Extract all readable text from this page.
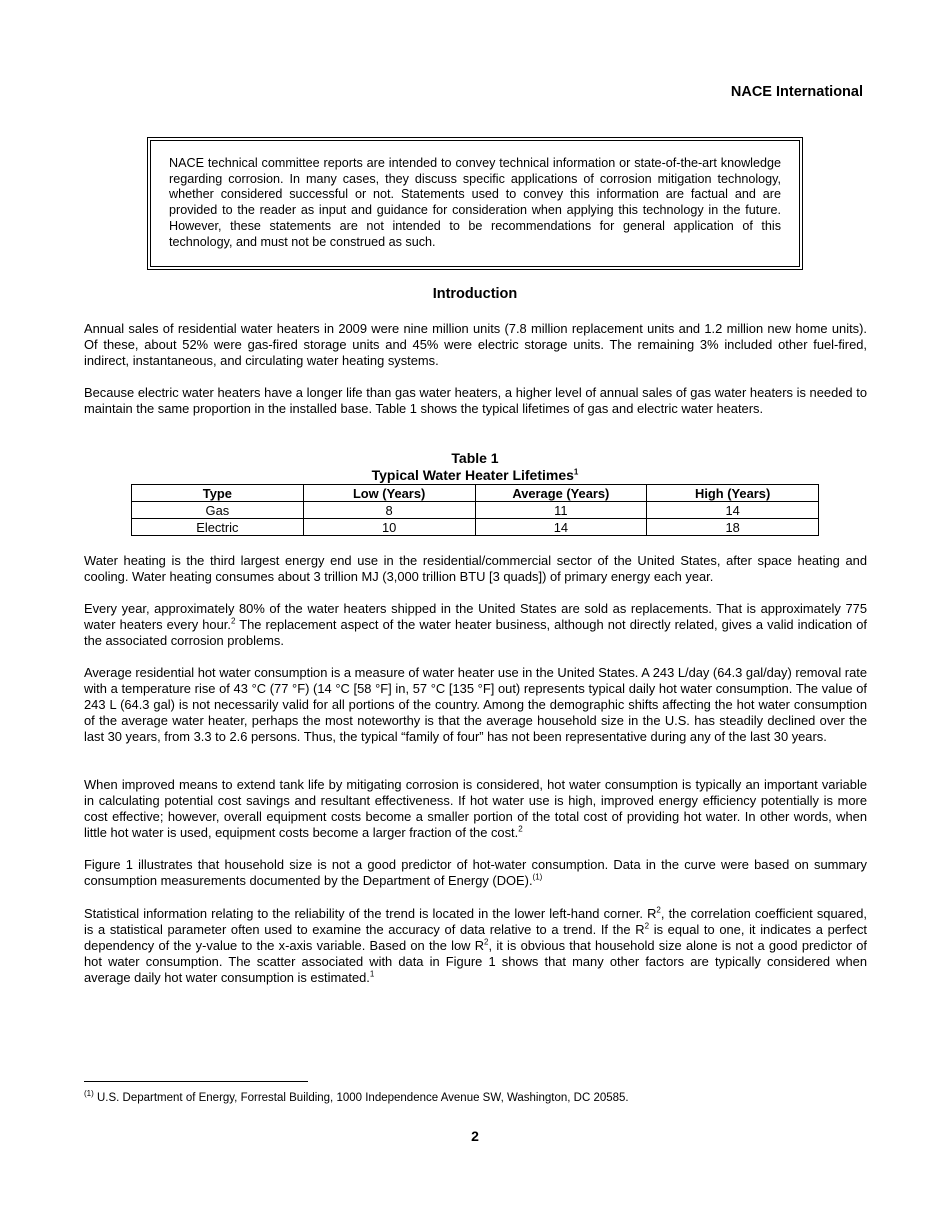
NACE International
NACE technical committee reports are intended to convey technical information or state-of-the-art knowledge regarding corrosion. In many cases, they discuss specific applications of corrosion mitigation technology, whether considered successful or not. Statements used to convey this information are factual and are provided to the reader as input and guidance for consideration when applying this technology in the future. However, these statements are not intended to be recommendations for general application of this technology, and must not be construed as such.
Introduction

Annual sales of residential water heaters in 2009 were nine million units (7.8 million replacement units and 1.2 million new home units). Of these, about 52% were gas-fired storage units and 45% were electric storage units. The remaining 3% included other fuel-fired, indirect, instantaneous, and circulating water heating systems.

Because electric water heaters have a longer life than gas water heaters, a higher level of annual sales of gas water heaters is needed to maintain the same proportion in the installed base. Table 1 shows the typical lifetimes of gas and electric water heaters.

Table 1
Typical Water Heater Lifetimes$^1$
Type	Low (Years)	Average (Years)	High (Years)
Gas	8	11	14
Electric	10	14	18

Water heating is the third largest energy end use in the residential/commercial sector of the United States, after space heating and cooling. Water heating consumes about 3 trillion MJ (3,000 trillion BTU [3 quads]) of primary energy each year.

Every year, approximately 80% of the water heaters shipped in the United States are sold as replacements. That is approximately 775 water heaters every hour.$^2$ The replacement aspect of the water heater business, although not directly related, gives a valid indication of the associated corrosion problems.

Average residential hot water consumption is a measure of water heater use in the United States. A 243 L/day (64.3 gal/day) removal rate with a temperature rise of 43 °C (77 °F) (14 °C [58 °F] in, 57 °C [135 °F] out) represents typical daily hot water consumption. The value of 243 L (64.3 gal) is not necessarily valid for all portions of the country. Among the demographic shifts affecting the hot water consumption of the average water heater, perhaps the most noteworthy is that the average household size in the U.S. has steadily declined over the last 30 years, from 3.3 to 2.6 persons. Thus, the typical “family of four” has not been representative during any of the last 30 years.

When improved means to extend tank life by mitigating corrosion is considered, hot water consumption is typically an important variable in calculating potential cost savings and resultant effectiveness. If hot water use is high, improved energy efficiency potentially is more cost effective; however, overall equipment costs become a smaller portion of the total cost of providing hot water. In other words, when little hot water is used, equipment costs become a larger fraction of the cost.$^2$

Figure 1 illustrates that household size is not a good predictor of hot-water consumption. Data in the curve were based on summary consumption measurements documented by the Department of Energy (DOE).$^{(1)}$

Statistical information relating to the reliability of the trend is located in the lower left-hand corner. $R^2$, the correlation coefficient squared, is a statistical parameter often used to examine the accuracy of data relative to a trend. If the $R^2$ is equal to one, it indicates a perfect dependency of the y-value to the x-axis variable. Based on the low $R^2$, it is obvious that household size alone is not a good predictor of hot water consumption. The scatter associated with data in Figure 1 shows that many other factors are typically considered when average daily hot water consumption is estimated.$^1$

$^{(1)}$ U.S. Department of Energy, Forrestal Building, 1000 Independence Avenue SW, Washington, DC 20585.
2
